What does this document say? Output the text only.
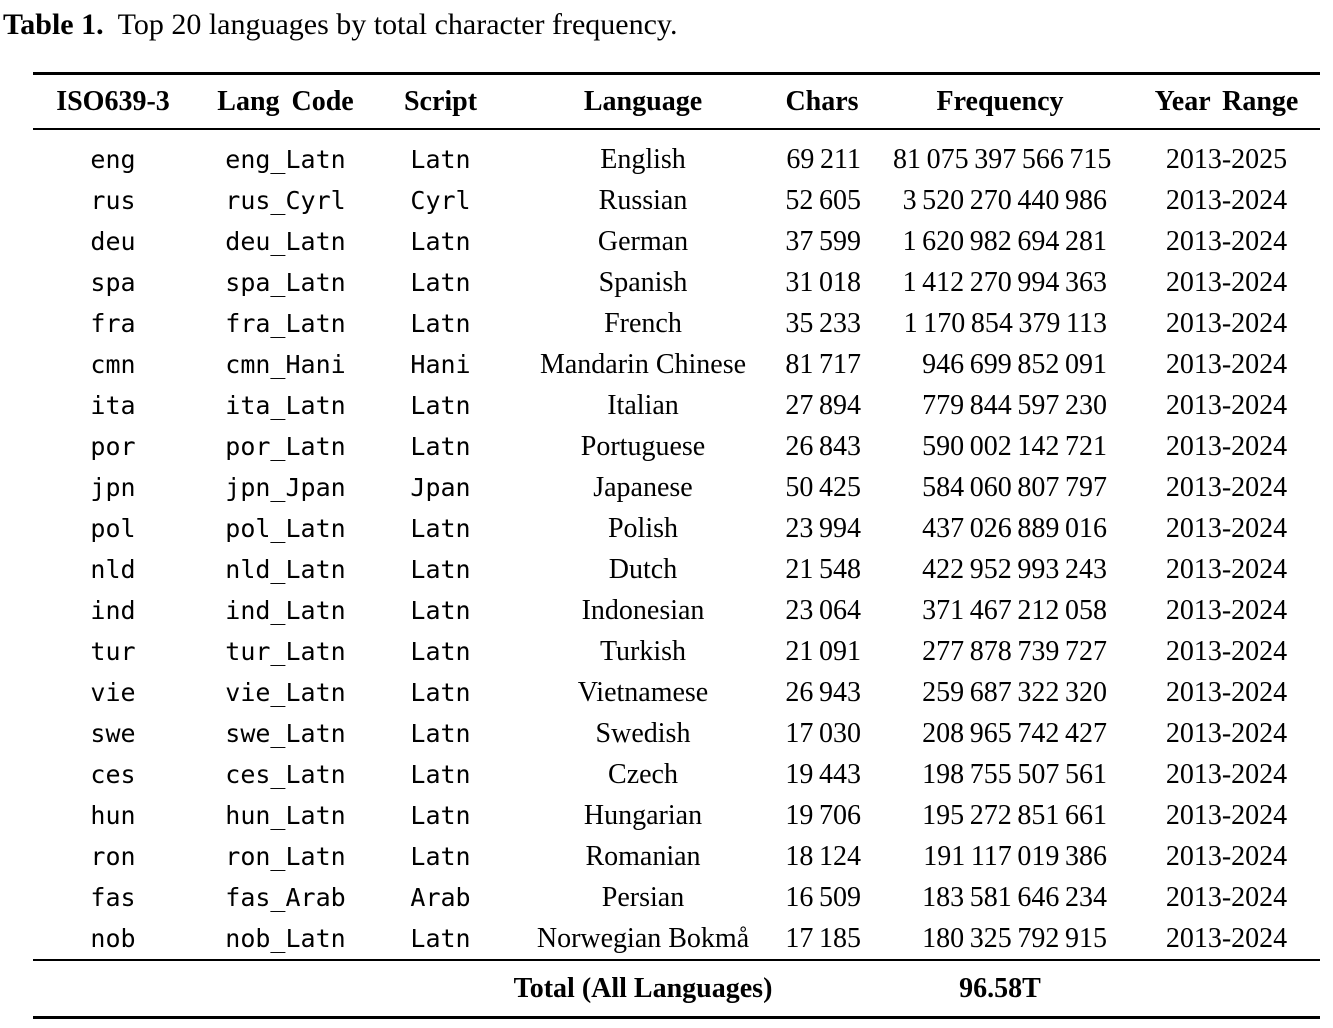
Table 1. Top 20 languages by total character frequency.

ISO639-3	Lang Code	Script	Language	Chars	Frequency	Year Range
eng	eng_Latn	Latn	English	69 211	81 075 397 566 715	2013-2025
rus	rus_Cyrl	Cyrl	Russian	52 605	3 520 270 440 986	2013-2024
deu	deu_Latn	Latn	German	37 599	1 620 982 694 281	2013-2024
spa	spa_Latn	Latn	Spanish	31 018	1 412 270 994 363	2013-2024
fra	fra_Latn	Latn	French	35 233	1 170 854 379 113	2013-2024
cmn	cmn_Hani	Hani	Mandarin Chinese	81 717	946 699 852 091	2013-2024
ita	ita_Latn	Latn	Italian	27 894	779 844 597 230	2013-2024
por	por_Latn	Latn	Portuguese	26 843	590 002 142 721	2013-2024
jpn	jpn_Jpan	Jpan	Japanese	50 425	584 060 807 797	2013-2024
pol	pol_Latn	Latn	Polish	23 994	437 026 889 016	2013-2024
nld	nld_Latn	Latn	Dutch	21 548	422 952 993 243	2013-2024
ind	ind_Latn	Latn	Indonesian	23 064	371 467 212 058	2013-2024
tur	tur_Latn	Latn	Turkish	21 091	277 878 739 727	2013-2024
vie	vie_Latn	Latn	Vietnamese	26 943	259 687 322 320	2013-2024
swe	swe_Latn	Latn	Swedish	17 030	208 965 742 427	2013-2024
ces	ces_Latn	Latn	Czech	19 443	198 755 507 561	2013-2024
hun	hun_Latn	Latn	Hungarian	19 706	195 272 851 661	2013-2024
ron	ron_Latn	Latn	Romanian	18 124	191 117 019 386	2013-2024
fas	fas_Arab	Arab	Persian	16 509	183 581 646 234	2013-2024
nob	nob_Latn	Latn	Norwegian Bokmå	17 185	180 325 792 915	2013-2024
			Total (All Languages)		96.58T	
